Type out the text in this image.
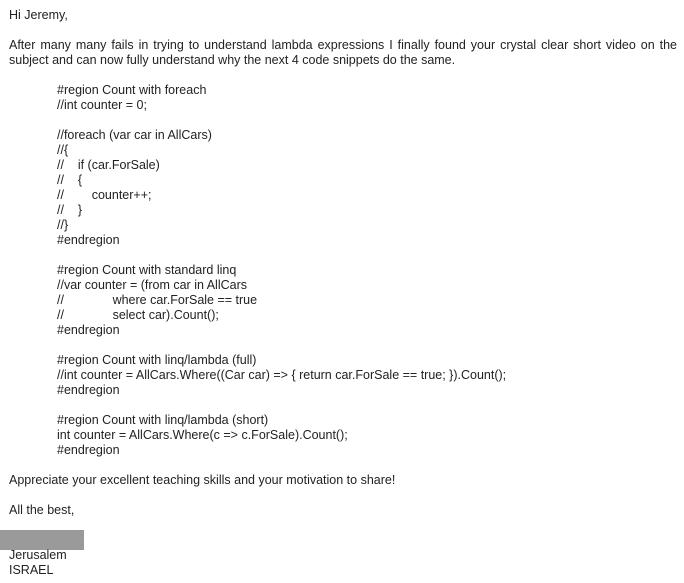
Hi Jeremy,
After many many fails in trying to understand lambda expressions I finally found your crystal clear short video on the subject and can now fully understand why the next 4 code snippets do the same.
#region Count with foreach
//int counter = 0;
//foreach (var car in AllCars)
//{
//    if (car.ForSale)
//    {
//        counter++;
//    }
//}
#endregion
#region Count with standard linq
//var counter = (from car in AllCars
//              where car.ForSale == true
//              select car).Count();
#endregion
#region Count with linq/lambda (full)
//int counter = AllCars.Where((Car car) => { return car.ForSale == true; }).Count();
#endregion
#region Count with linq/lambda (short)
int counter = AllCars.Where(c => c.ForSale).Count();
#endregion
Appreciate your excellent teaching skills and your motivation to share!
All the best,
Jerusalem
ISRAEL
